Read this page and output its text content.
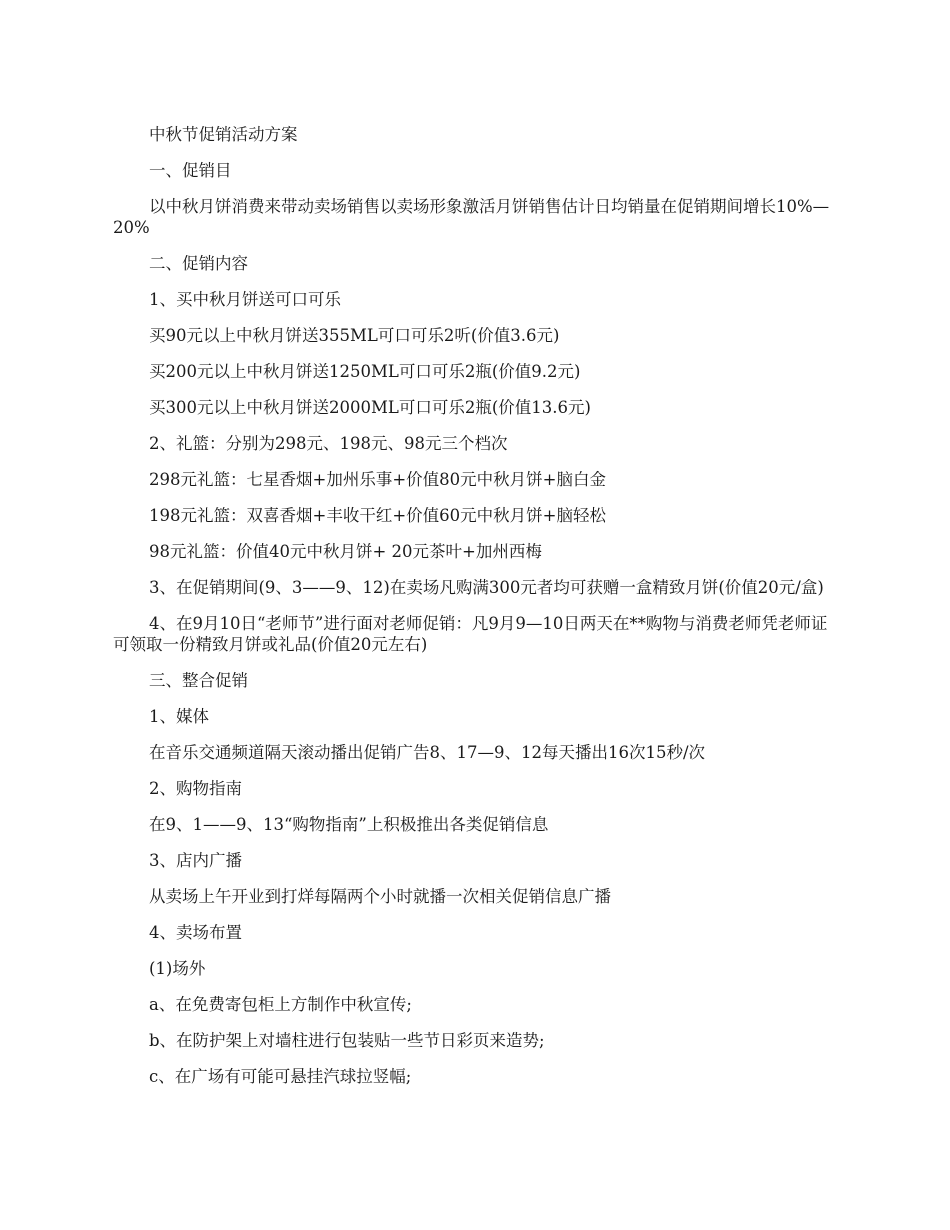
中秋节促销活动方案

一、促销目

以中秋月饼消费来带动卖场销售以卖场形象激活月饼销售估计日均销量在促销期间增长10%—20%

二、促销内容

1、买中秋月饼送可口可乐

买90元以上中秋月饼送355ML可口可乐2听(价值3.6元)

买200元以上中秋月饼送1250ML可口可乐2瓶(价值9.2元)

买300元以上中秋月饼送2000ML可口可乐2瓶(价值13.6元)

2、礼篮：分别为298元、198元、98元三个档次

298元礼篮：七星香烟+加州乐事+价值80元中秋月饼+脑白金

198元礼篮：双喜香烟+丰收干红+价值60元中秋月饼+脑轻松

98元礼篮：价值40元中秋月饼+ 20元茶叶+加州西梅

3、在促销期间(9、3——9、12)在卖场凡购满300元者均可获赠一盒精致月饼(价值20元/盒)

4、在9月10日“老师节”进行面对老师促销：凡9月9—10日两天在**购物与消费老师凭老师证可领取一份精致月饼或礼品(价值20元左右)

三、整合促销

1、媒体

在音乐交通频道隔天滚动播出促销广告8、17—9、12每天播出16次15秒/次

2、购物指南

在9、1——9、13“购物指南”上积极推出各类促销信息

3、店内广播

从卖场上午开业到打烊每隔两个小时就播一次相关促销信息广播

4、卖场布置

(1)场外

a、在免费寄包柜上方制作中秋宣传;

b、在防护架上对墙柱进行包装贴一些节日彩页来造势;

c、在广场有可能可悬挂汽球拉竖幅;
